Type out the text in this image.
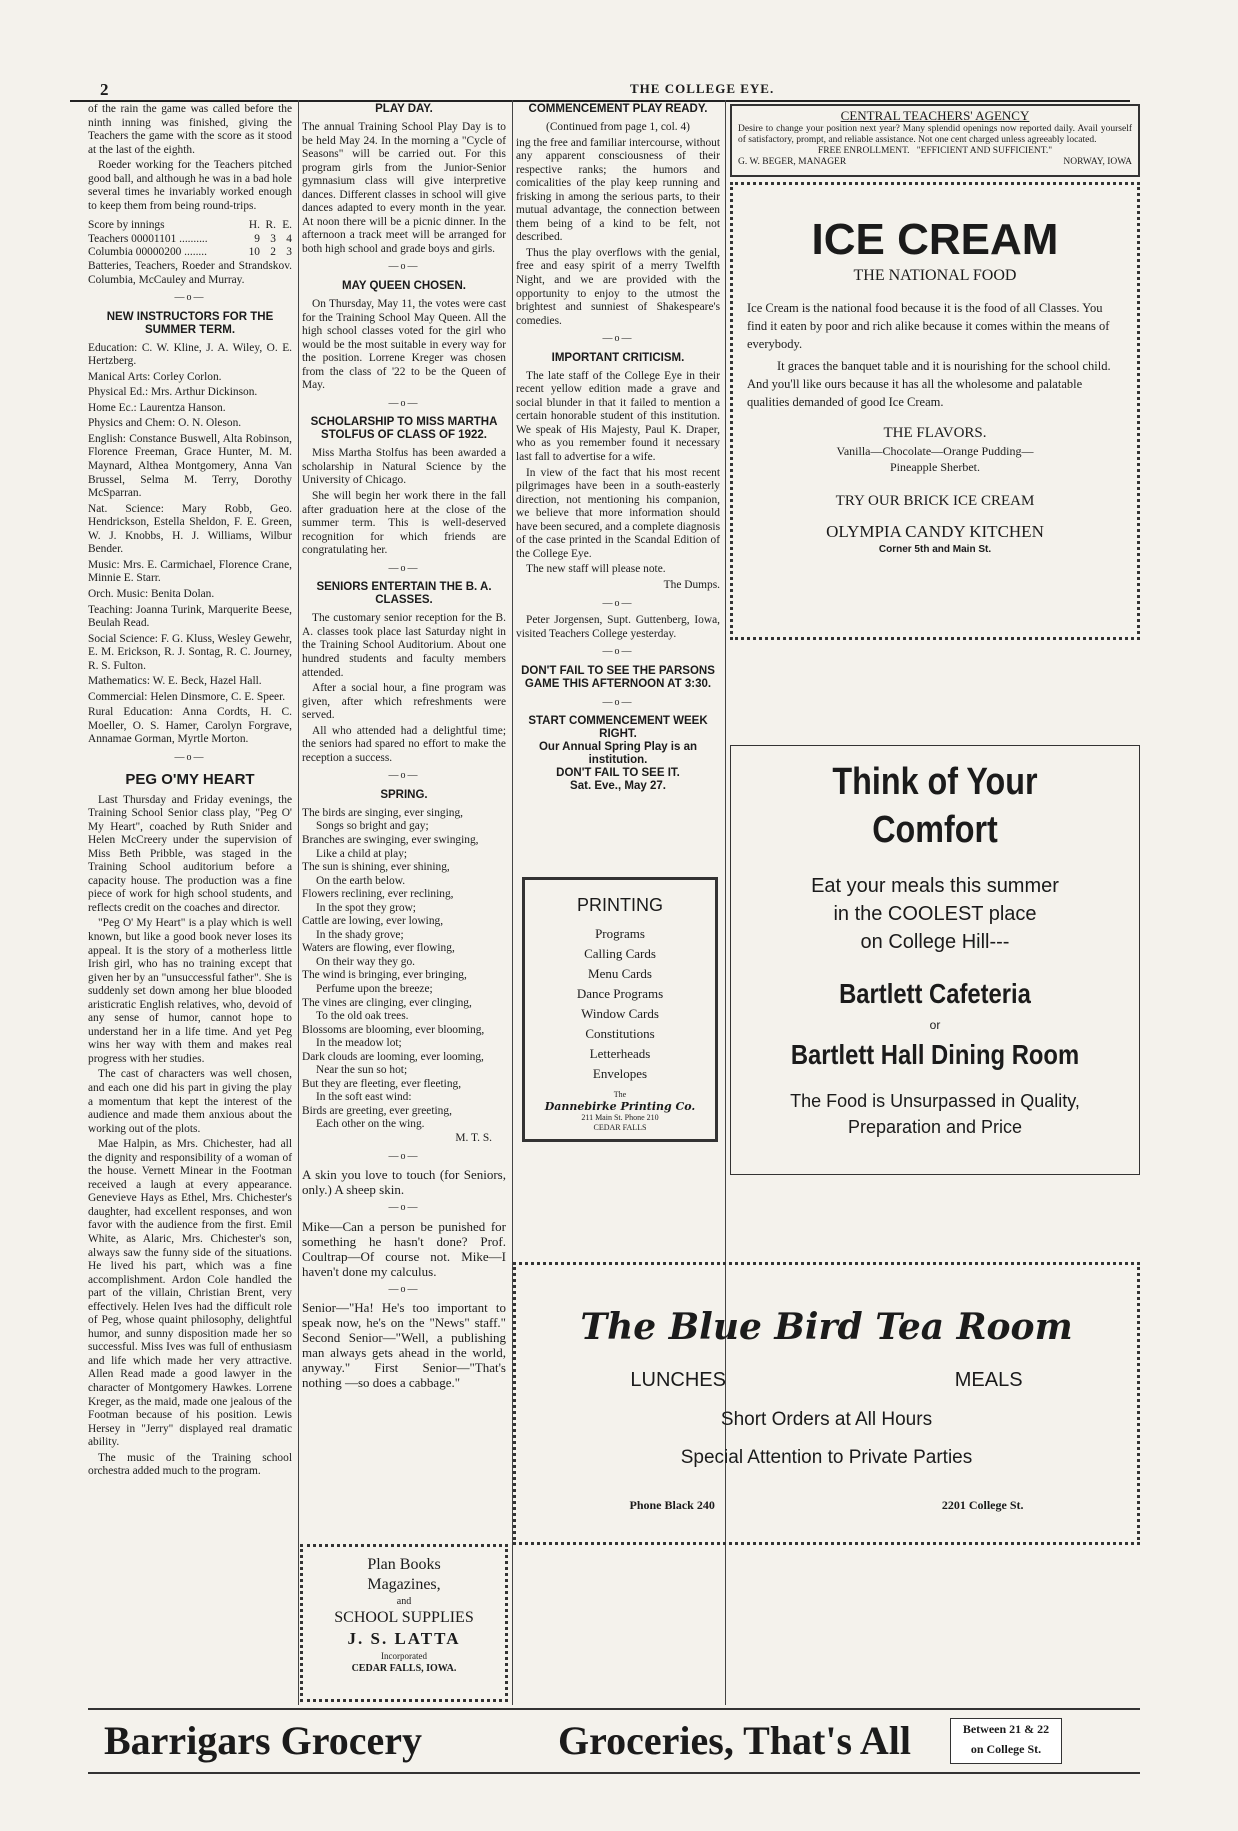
2	THE COLLEGE EYE.

of the rain the game was called before the ninth inning was finished, giving the Teachers the game with the score as it stood at the last of the eighth.

Roeder working for the Teachers pitched good ball, and although he was in a bad hole several times he invariably worked enough to keep them from being round-trips.

Score by innings	H. R. E.
Teachers 00001101 ..........	9 3 4
Columbia 00000200 ........	10 2 3

Batteries, Teachers, Roeder and Strandskov. Columbia, McCauley and Murray.

—o—
NEW INSTRUCTORS FOR THE SUMMER TERM.

Education: C. W. Kline, J. A. Wiley, O. E. Hertzberg.

Manical Arts: Corley Corlon.

Physical Ed.: Mrs. Arthur Dickinson.

Home Ec.: Laurentza Hanson.

Physics and Chem: O. N. Oleson.

English: Constance Buswell, Alta Robinson, Florence Freeman, Grace Hunter, M. M. Maynard, Althea Montgomery, Anna Van Brussel, Selma M. Terry, Dorothy McSparran.

Nat. Science: Mary Robb, Geo. Hendrickson, Estella Sheldon, F. E. Green, W. J. Knobbs, H. J. Williams, Wilbur Bender.

Music: Mrs. E. Carmichael, Florence Crane, Minnie E. Starr.

Orch. Music: Benita Dolan.

Teaching: Joanna Turink, Marquerite Beese, Beulah Read.

Social Science: F. G. Kluss, Wesley Gewehr, E. M. Erickson, R. J. Sontag, R. C. Journey, R. S. Fulton.

Mathematics: W. E. Beck, Hazel Hall.

Commercial: Helen Dinsmore, C. E. Speer.

Rural Education: Anna Cordts, H. C. Moeller, O. S. Hamer, Carolyn Forgrave, Annamae Gorman, Myrtle Morton.

—o—
PEG O'MY HEART

Last Thursday and Friday evenings, the Training School Senior class play, "Peg O' My Heart", coached by Ruth Snider and Helen McCreery under the supervision of Miss Beth Pribble, was staged in the Training School auditorium before a capacity house. The production was a fine piece of work for high school students, and reflects credit on the coaches and director.

"Peg O' My Heart" is a play which is well known, but like a good book never loses its appeal. It is the story of a motherless little Irish girl, who has no training except that given her by an "unsuccessful father". She is suddenly set down among her blue blooded aristicratic English relatives, who, devoid of any sense of humor, cannot hope to understand her in a life time. And yet Peg wins her way with them and makes real progress with her studies.

The cast of characters was well chosen, and each one did his part in giving the play a momentum that kept the interest of the audience and made them anxious about the working out of the plots.

Mae Halpin, as Mrs. Chichester, had all the dignity and responsibility of a woman of the house. Vernett Minear in the Footman received a laugh at every appearance. Genevieve Hays as Ethel, Mrs. Chichester's daughter, had excellent responses, and won favor with the audience from the first. Emil White, as Alaric, Mrs. Chichester's son, always saw the funny side of the situations. He lived his part, which was a fine accomplishment. Ardon Cole handled the part of the villain, Christian Brent, very effectively. Helen Ives had the difficult role of Peg, whose quaint philosophy, delightful humor, and sunny disposition made her so successful. Miss Ives was full of enthusiasm and life which made her very attractive. Allen Read made a good lawyer in the character of Montgomery Hawkes. Lorrene Kreger, as the maid, made one jealous of the Footman because of his position. Lewis Hersey in "Jerry" displayed real dramatic ability.

The music of the Training school orchestra added much to the program.

PLAY DAY.

The annual Training School Play Day is to be held May 24. In the morning a "Cycle of Seasons" will be carried out. For this program girls from the Junior-Senior gymnasium class will give interpretive dances. Different classes in school will give dances adapted to every month in the year. At noon there will be a picnic dinner. In the afternoon a track meet will be arranged for both high school and grade boys and girls.

—o—
MAY QUEEN CHOSEN.

On Thursday, May 11, the votes were cast for the Training School May Queen. All the high school classes voted for the girl who would be the most suitable in every way for the position. Lorrene Kreger was chosen from the class of '22 to be the Queen of May.

—o—
SCHOLARSHIP TO MISS MARTHA STOLFUS OF CLASS OF 1922.

Miss Martha Stolfus has been awarded a scholarship in Natural Science by the University of Chicago.

She will begin her work there in the fall after graduation here at the close of the summer term. This is well-deserved recognition for which friends are congratulating her.

—o—
SENIORS ENTERTAIN THE B. A. CLASSES.

The customary senior reception for the B. A. classes took place last Saturday night in the Training School Auditorium. About one hundred students and faculty members attended.

After a social hour, a fine program was given, after which refreshments were served.

All who attended had a delightful time; the seniors had spared no effort to make the reception a success.

—o—
SPRING.

The birds are singing, ever singing,

Songs so bright and gay;

Branches are swinging, ever swinging,

Like a child at play;

The sun is shining, ever shining,

On the earth below.

Flowers reclining, ever reclining,

In the spot they grow;

Cattle are lowing, ever lowing,

In the shady grove;

Waters are flowing, ever flowing,

On their way they go.

The wind is bringing, ever bringing,

Perfume upon the breeze;

The vines are clinging, ever clinging,

To the old oak trees.

Blossoms are blooming, ever blooming,

In the meadow lot;

Dark clouds are looming, ever looming,

Near the sun so hot;

But they are fleeting, ever fleeting,

In the soft east wind:

Birds are greeting, ever greeting,

Each other on the wing.

M. T. S.

—o—

A skin you love to touch (for Seniors, only.) A sheep skin.

—o—

Mike—Can a person be punished for something he hasn't done? Prof. Coultrap—Of course not. Mike—I haven't done my calculus.

—o—

Senior—"Ha! He's too important to speak now, he's on the "News" staff." Second Senior—"Well, a publishing man always gets ahead in the world, anyway." First Senior—"That's nothing —so does a cabbage."

Plan Books

Magazines,

and

SCHOOL SUPPLIES

J. S. LATTA

Incorporated

CEDAR FALLS, IOWA.

COMMENCEMENT PLAY READY.

(Continued from page 1, col. 4)

ing the free and familiar intercourse, without any apparent consciousness of their respective ranks; the humors and comicalities of the play keep running and frisking in among the serious parts, to their mutual advantage, the connection between them being of a kind to be felt, not described.

Thus the play overflows with the genial, free and easy spirit of a merry Twelfth Night, and we are provided with the opportunity to enjoy to the utmost the brightest and sunniest of Shakespeare's comedies.

—o—
IMPORTANT CRITICISM.

The late staff of the College Eye in their recent yellow edition made a grave and social blunder in that it failed to mention a certain honorable student of this institution. We speak of His Majesty, Paul K. Draper, who as you remember found it necessary last fall to advertise for a wife.

In view of the fact that his most recent pilgrimages have been in a south-easterly direction, not mentioning his companion, we believe that more information should have been secured, and a complete diagnosis of the case printed in the Scandal Edition of the College Eye.

The new staff will please note.

The Dumps.

—o—

Peter Jorgensen, Supt. Guttenberg, Iowa, visited Teachers College yesterday.

—o—
DON'T FAIL TO SEE THE PARSONS GAME THIS AFTERNOON AT 3:30.
—o—
START COMMENCEMENT WEEK RIGHT.
Our Annual Spring Play is an institution.
DON'T FAIL TO SEE IT.
Sat. Eve., May 27.

PRINTING

Programs

Calling Cards

Menu Cards

Dance Programs

Window Cards

Constitutions

Letterheads

Envelopes

The

Dannebirke Printing Co.

211 Main St. Phone 210

CEDAR FALLS

CENTRAL TEACHERS' AGENCY

Desire to change your position next year? Many splendid openings now reported daily. Avail yourself of satisfactory, prompt, and reliable assistance. Not one cent charged unless agreeably located.

FREE ENROLLMENT. "EFFICIENT AND SUFFICIENT."

G. W. BEGER, MANAGER	NORWAY, IOWA

ICE CREAM

THE NATIONAL FOOD

Ice Cream is the national food because it is the food of all Classes. You find it eaten by poor and rich alike because it comes within the means of everybody.

It graces the banquet table and it is nourishing for the school child. And you'll like ours because it has all the wholesome and palatable qualities demanded of good Ice Cream.

THE FLAVORS.

Vanilla—Chocolate—Orange Pudding—

Pineapple Sherbet.

TRY OUR BRICK ICE CREAM

OLYMPIA CANDY KITCHEN

Corner 5th and Main St.

Think of Your

Comfort

Eat your meals this summer

in the COOLEST place

on College Hill---

Bartlett Cafeteria

or

Bartlett Hall Dining Room

The Food is Unsurpassed in Quality,

Preparation and Price

The Blue Bird Tea Room

LUNCHES	MEALS

Short Orders at All Hours

Special Attention to Private Parties

Phone Black 240	2201 College St.
Barrigars Grocery	Groceries, That's All	Between 21 & 22
on College St.
